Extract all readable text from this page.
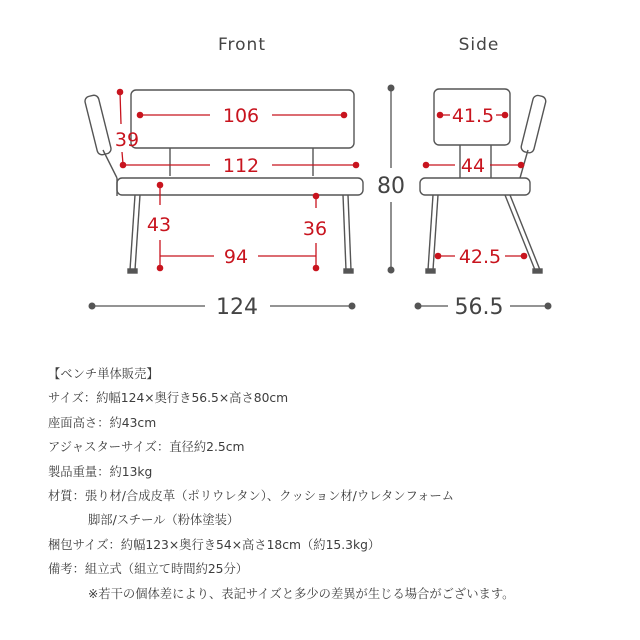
Front	Side
106
39
112
43	36
94
41.5
44
42.5
124
80
56.5
【ベンチ単体販売】
サイズ：約幅124×奥行き56.5×高さ80cm
座面高さ：約43cm
アジャスターサイズ：直径約2.5cm
製品重量：約13kg
材質：張り材/合成皮革（ポリウレタン）、クッション材/ウレタンフォーム
脚部/スチール（粉体塗装）
梱包サイズ：約幅123×奥行き54×高さ18cm（約15.3kg）
備考：組立式（組立て時間約25分）
※若干の個体差により、表記サイズと多少の差異が生じる場合がございます。
